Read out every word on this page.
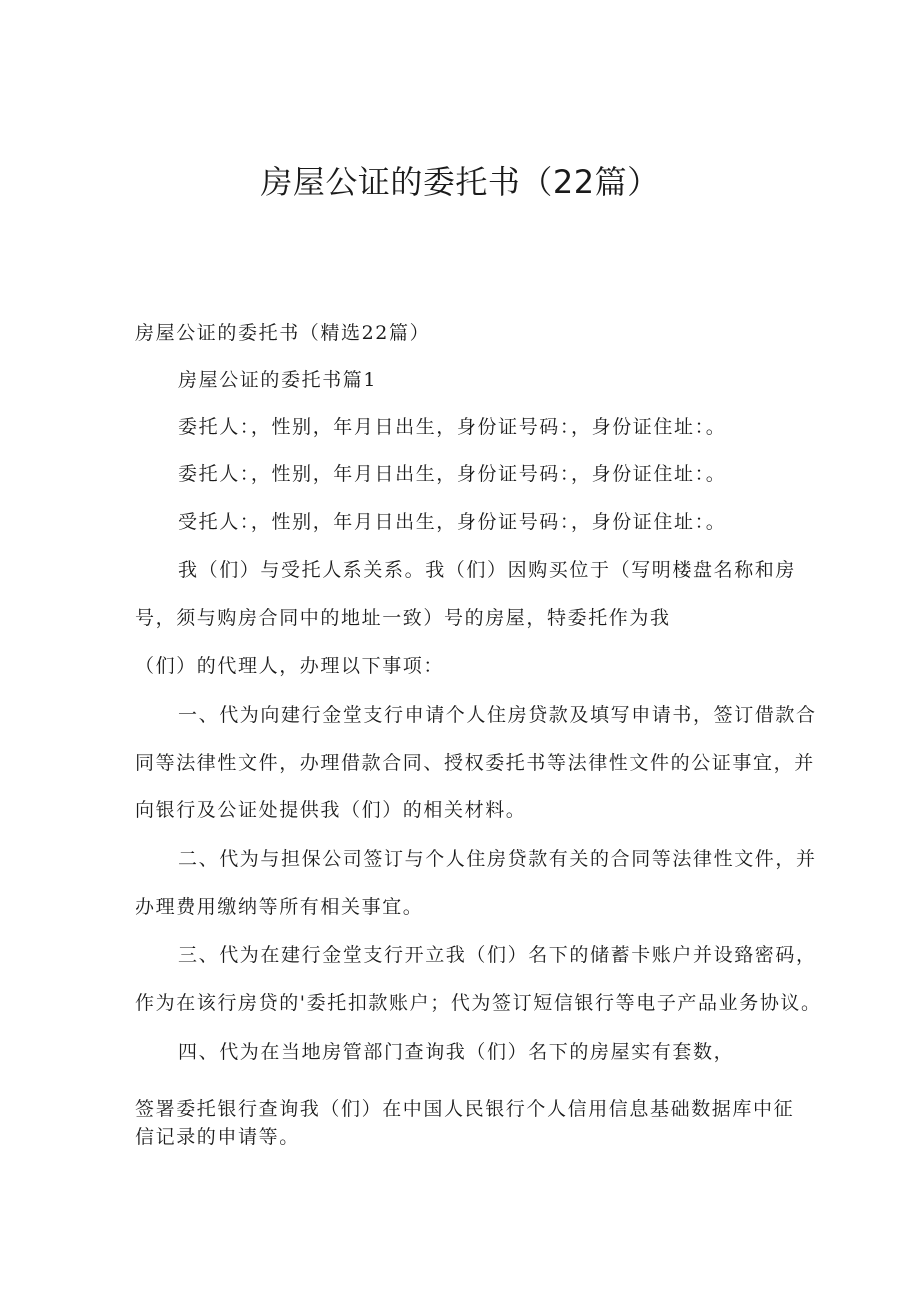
房屋公证的委托书（22篇）
房屋公证的委托书（精选22篇）
房屋公证的委托书篇1
委托人：，性别，年月日出生，身份证号码：，身份证住址：。
委托人：，性别，年月日出生，身份证号码：，身份证住址：。
受托人：，性别，年月日出生，身份证号码：，身份证住址：。
我（们）与受托人系关系。我（们）因购买位于（写明楼盘名称和房
号，须与购房合同中的地址一致）号的房屋，特委托作为我
（们）的代理人，办理以下事项：
一、代为向建行金堂支行申请个人住房贷款及填写申请书，签订借款合
同等法律性文件，办理借款合同、授权委托书等法律性文件的公证事宜，并
向银行及公证处提供我（们）的相关材料。
二、代为与担保公司签订与个人住房贷款有关的合同等法律性文件，并
办理费用缴纳等所有相关事宜。
三、代为在建行金堂支行开立我（们）名下的储蓄卡账户并设臵密码，
作为在该行房贷的'委托扣款账户；代为签订短信银行等电子产品业务协议。
四、代为在当地房管部门查询我（们）名下的房屋实有套数，
签署委托银行查询我（们）在中国人民银行个人信用信息基础数据库中征
信记录的申请等。
